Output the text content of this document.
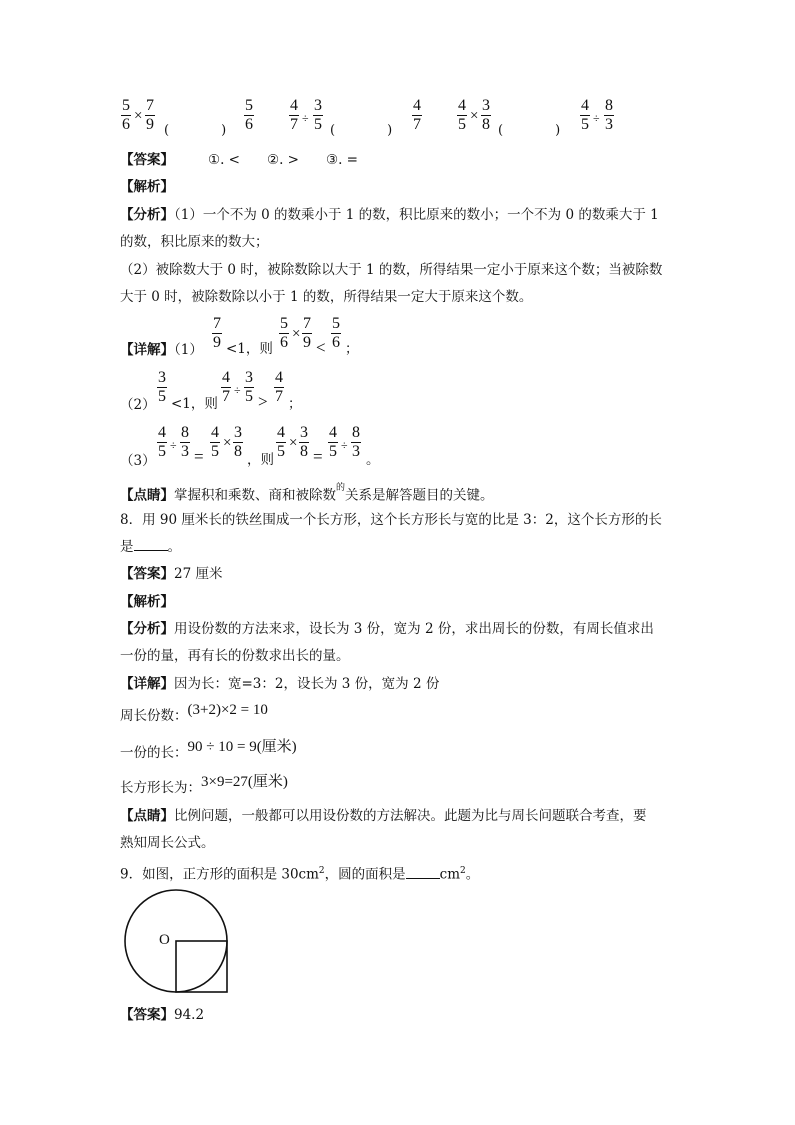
$\frac{5}{6} \times \frac{7}{9}$ (　　　　) $\frac{5}{6} \frac{4}{7} \div \frac{3}{5}$ (　　　　) $\frac{4}{7} \frac{4}{5} \times \frac{3}{8}$ (　　　　) $\frac{4}{5} \div \frac{8}{3}$
【答案】	①. <　　②. >　　③. =
【解析】
【分析】（1）一个不为 0 的数乘小于 1 的数，积比原来的数小；一个不为 0 的数乘大于 1
的数，积比原来的数大；
（2）被除数大于 0 时，被除数除以大于 1 的数，所得结果一定小于原来这个数；当被除数
大于 0 时，被除数除以小于 1 的数，所得结果一定大于原来这个数。
【详解】$(1) \frac{7}{9} <1$，则 $\frac{5}{6} \times \frac{7}{9} < \frac{5}{6}$ ；
$(2) \frac{3}{5} <1$，则 $\frac{4}{7} \div \frac{3}{5} > \frac{4}{7}$ ；
（3）
$\frac{4}{5} \div \frac{8}{3} = \frac{4}{5} \times \frac{3}{8}$ ，则 $\frac{4}{5} \times \frac{3}{8} = \frac{4}{5} \div \frac{8}{3}$ 。
【点睛】掌握积和乘数、商和被除数$^的$关系是解答题目的关键。
8．用 90 厘米长的铁丝围成一个长方形，这个长方形长与宽的比是 3：2，这个长方形的长
是	。
【答案】27 厘米
【解析】
【分析】用设份数的方法来求，设长为 3 份，宽为 2 份，求出周长的份数，有周长值求出
一份的量，再有长的份数求出长的量。
【详解】因为长：宽=3：2，设长为 3 份，宽为 2 份
周长份数：(3+2)×2 = 10
一份的长：90 ÷ 10 = 9(厘米)
长方形长为：3×9=27(厘米)
【点睛】比例问题，一般都可以用设份数的方法解决。此题为比与周长问题联合考查，要
熟知周长公式。
9．如图，正方形的面积是 $30cm^2$，圆的面积是	$cm^2$。
O
【答案】94.2
